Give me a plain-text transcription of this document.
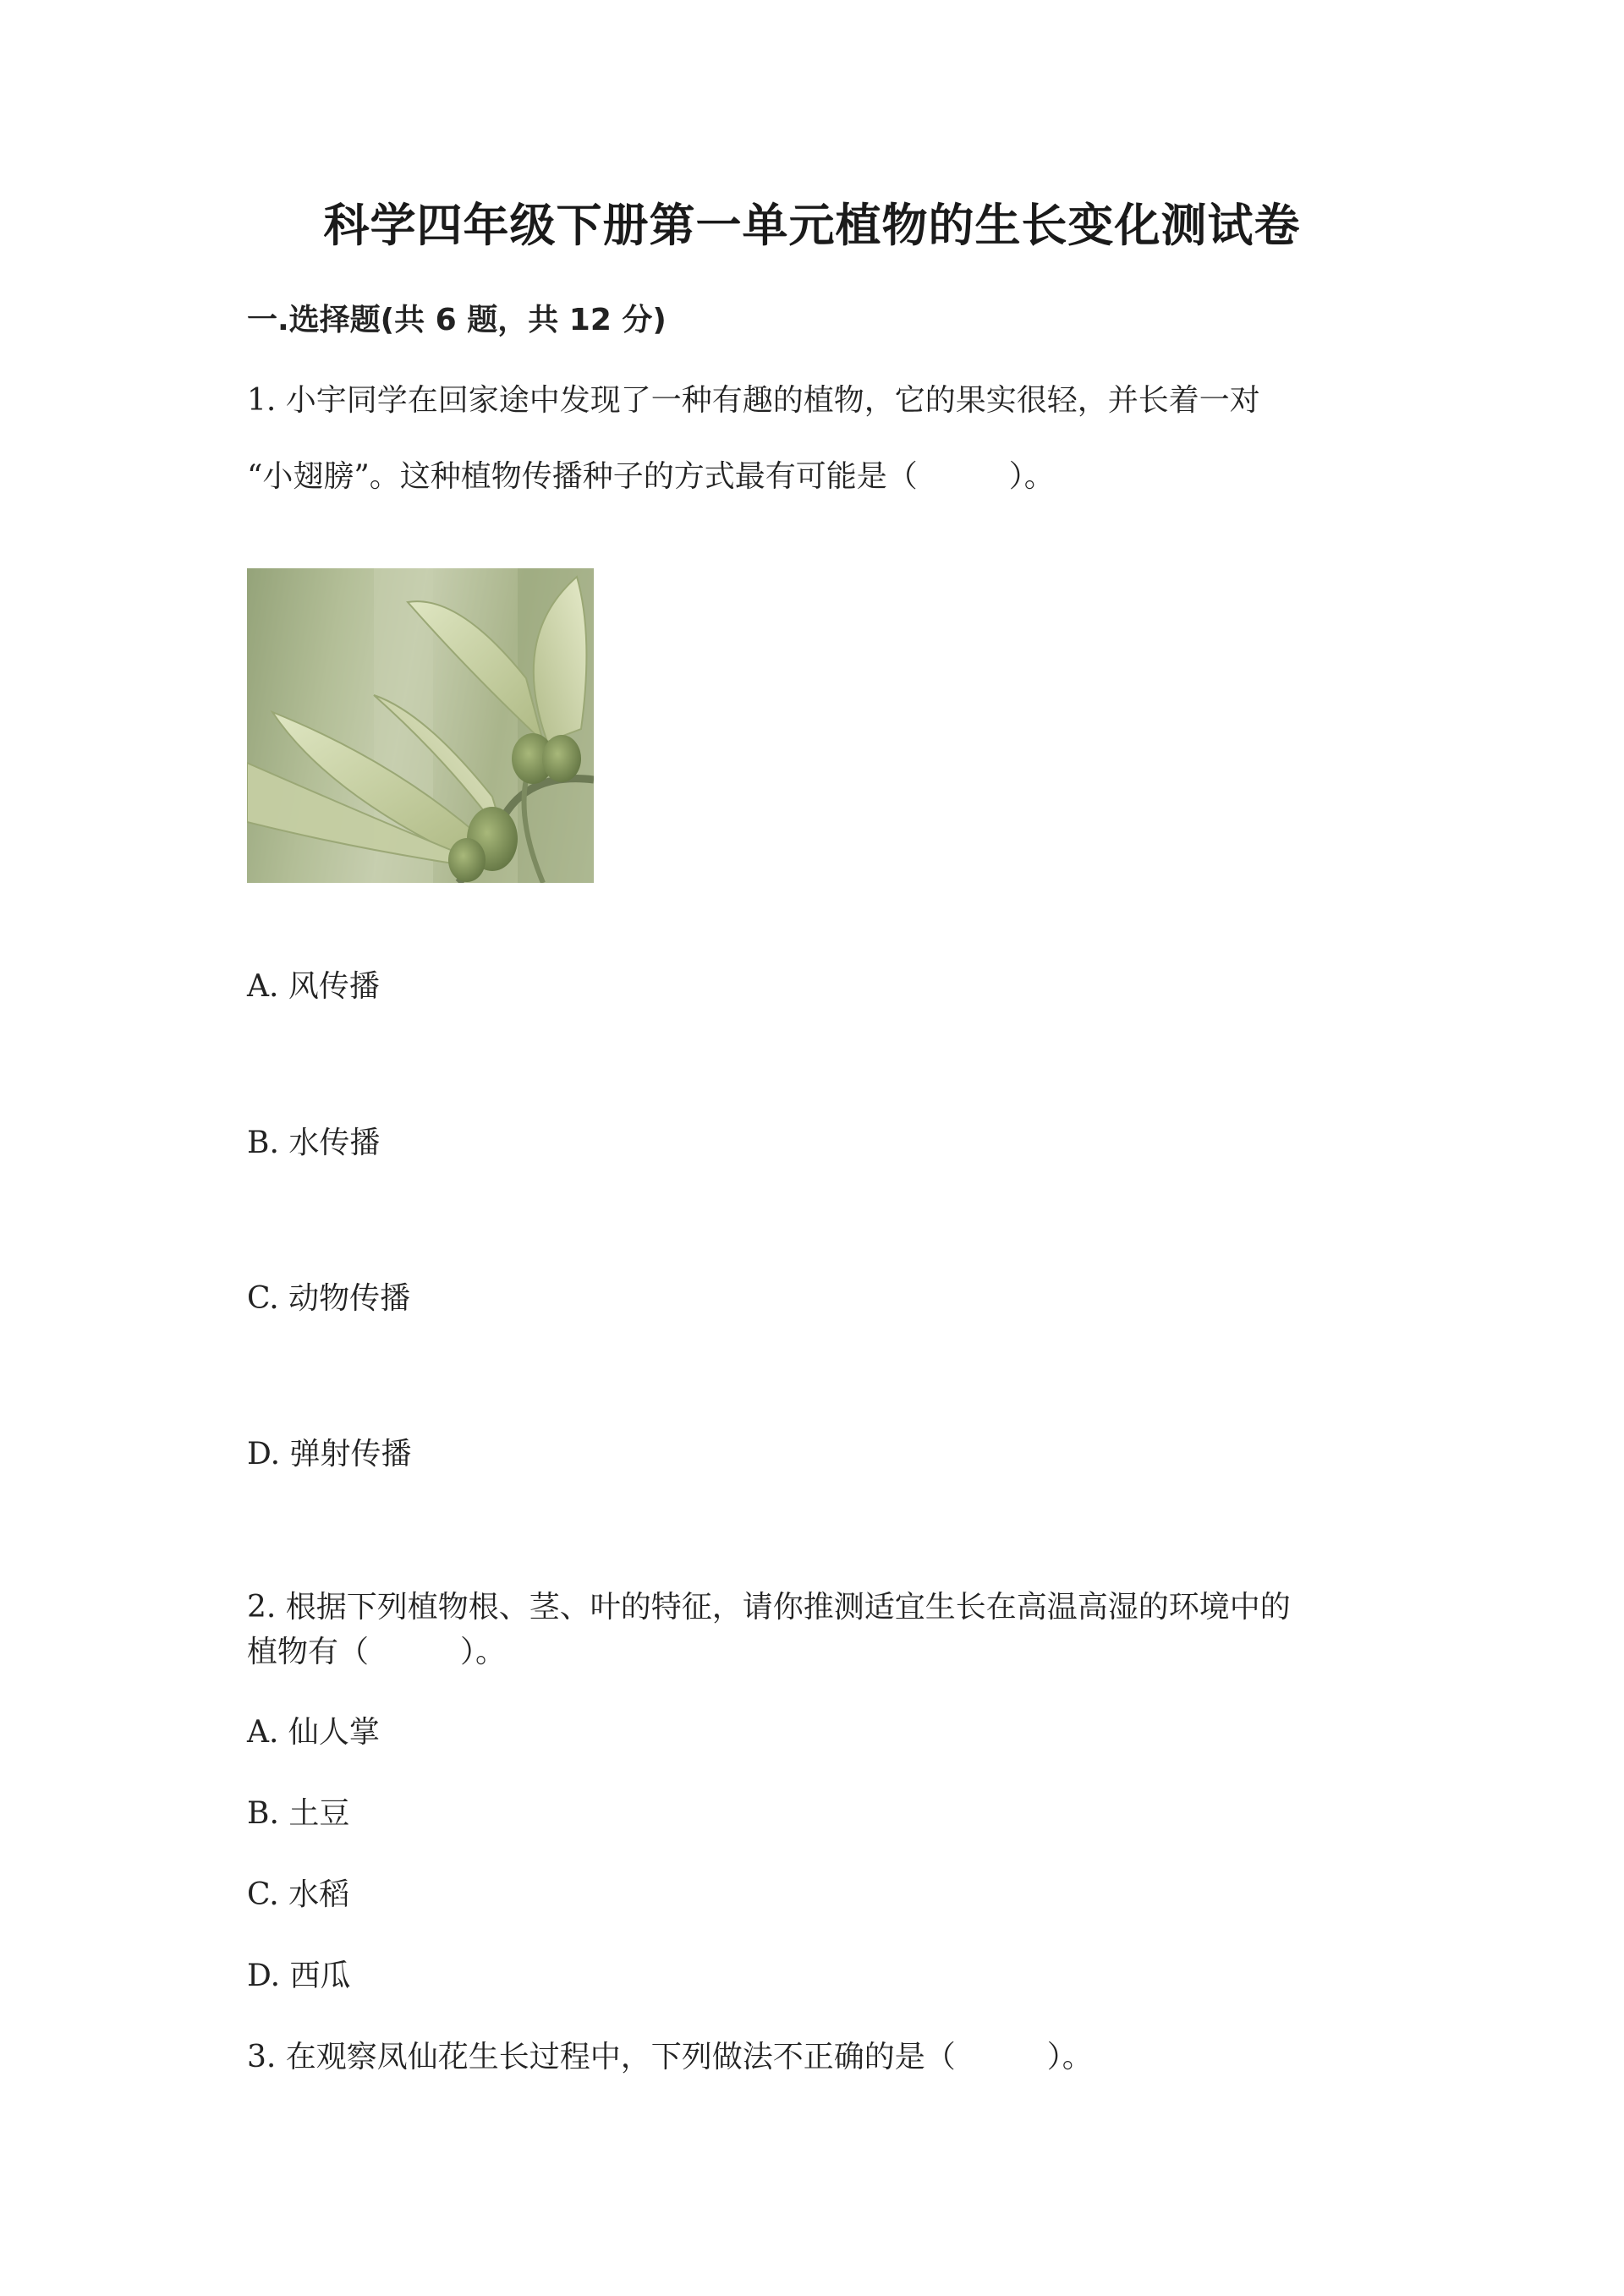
科学四年级下册第一单元植物的生长变化测试卷
一.选择题(共 6 题，共 12 分)
1. 小宇同学在回家途中发现了一种有趣的植物，它的果实很轻，并长着一对
“小翅膀”。这种植物传播种子的方式最有可能是（　　　）。
A. 风传播
B. 水传播
C. 动物传播
D. 弹射传播
2. 根据下列植物根、茎、叶的特征，请你推测适宜生长在高温高湿的环境中的
植物有（　　　）。
A. 仙人掌
B. 土豆
C. 水稻
D. 西瓜
3. 在观察凤仙花生长过程中，下列做法不正确的是（　　　）。
